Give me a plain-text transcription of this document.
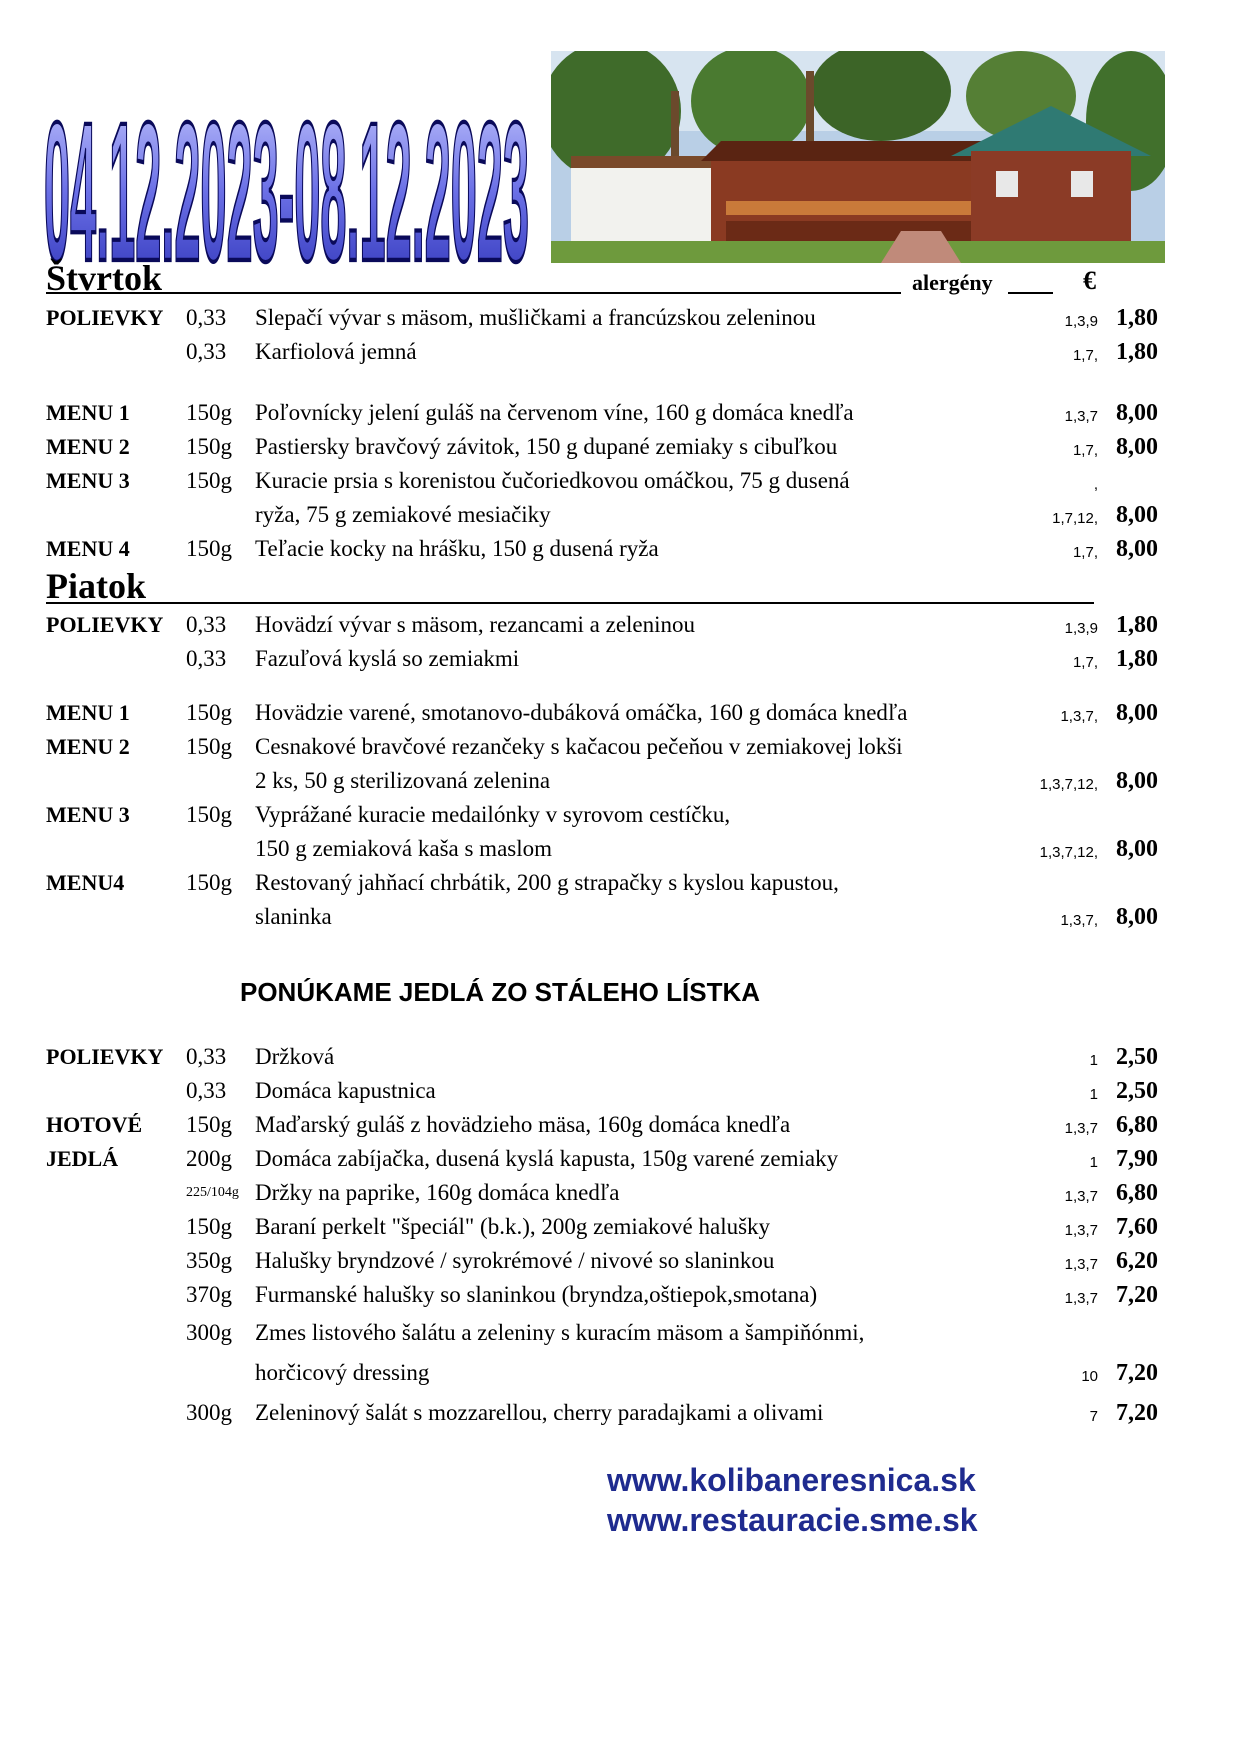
04.12.2023-08.12.2023
Štvrtok	alergény	€
POLIEVKY 0,33 Slepačí vývar s mäsom, mušličkami a francúzskou zeleninou	1,3,9 1,80
0,33 Karfiolová jemná	1,7, 1,80
MENU 1 150g Poľovnícky jelení guláš na červenom víne, 160 g domáca knedľa	1,3,7 8,00
MENU 2 150g Pastiersky bravčový závitok, 150 g dupané zemiaky s cibuľkou	1,7, 8,00
MENU 3 150g Kuracie prsia s korenistou čučoriedkovou omáčkou, 75 g dusená	,
ryža, 75 g zemiakové mesiačiky	1,7,12, 8,00
MENU 4 150g Teľacie kocky na hrášku, 150 g dusená ryža	1,7, 8,00
Piatok
POLIEVKY 0,33 Hovädzí vývar s mäsom, rezancami a zeleninou	1,3,9 1,80
0,33 Fazuľová kyslá so zemiakmi	1,7, 1,80
MENU 1 150g Hovädzie varené, smotanovo-dubáková omáčka, 160 g domáca knedľa	1,3,7, 8,00
MENU 2 150g Cesnakové bravčové rezančeky s kačacou pečeňou v zemiakovej lokši
2 ks, 50 g sterilizovaná zelenina	1,3,7,12, 8,00
MENU 3 150g Vyprážané kuracie medailónky v syrovom cestíčku,
150 g zemiaková kaša s maslom	1,3,7,12, 8,00
MENU4	150g Restovaný jahňací chrbátik, 200 g strapačky s kyslou kapustou,
slaninka	1,3,7, 8,00
PONÚKAME JEDLÁ ZO STÁLEHO LÍSTKA
POLIEVKY 0,33 Držková	1 2,50
0,33 Domáca kapustnica	1 2,50
HOTOVÉ 150g Maďarský guláš z hovädzieho mäsa, 160g domáca knedľa	1,3,7 6,80
JEDLÁ	200g Domáca zabíjačka, dusená kyslá kapusta, 150g varené zemiaky	1 7,90
225/104g Držky na paprike, 160g domáca knedľa	1,3,7 6,80
150g Baraní perkelt "špeciál" (b.k.), 200g zemiakové halušky	1,3,7 7,60
350g Halušky bryndzové / syrokrémové / nivové so slaninkou	1,3,7 6,20
370g Furmanské halušky so slaninkou (bryndza,oštiepok,smotana)	1,3,7 7,20
300g Zmes listového šalátu a zeleniny s kuracím mäsom a šampiňónmi,
horčicový dressing	10 7,20
300g Zeleninový šalát s mozzarellou, cherry paradajkami a olivami	7 7,20
www.kolibaneresnica.sk
www.restauracie.sme.sk
